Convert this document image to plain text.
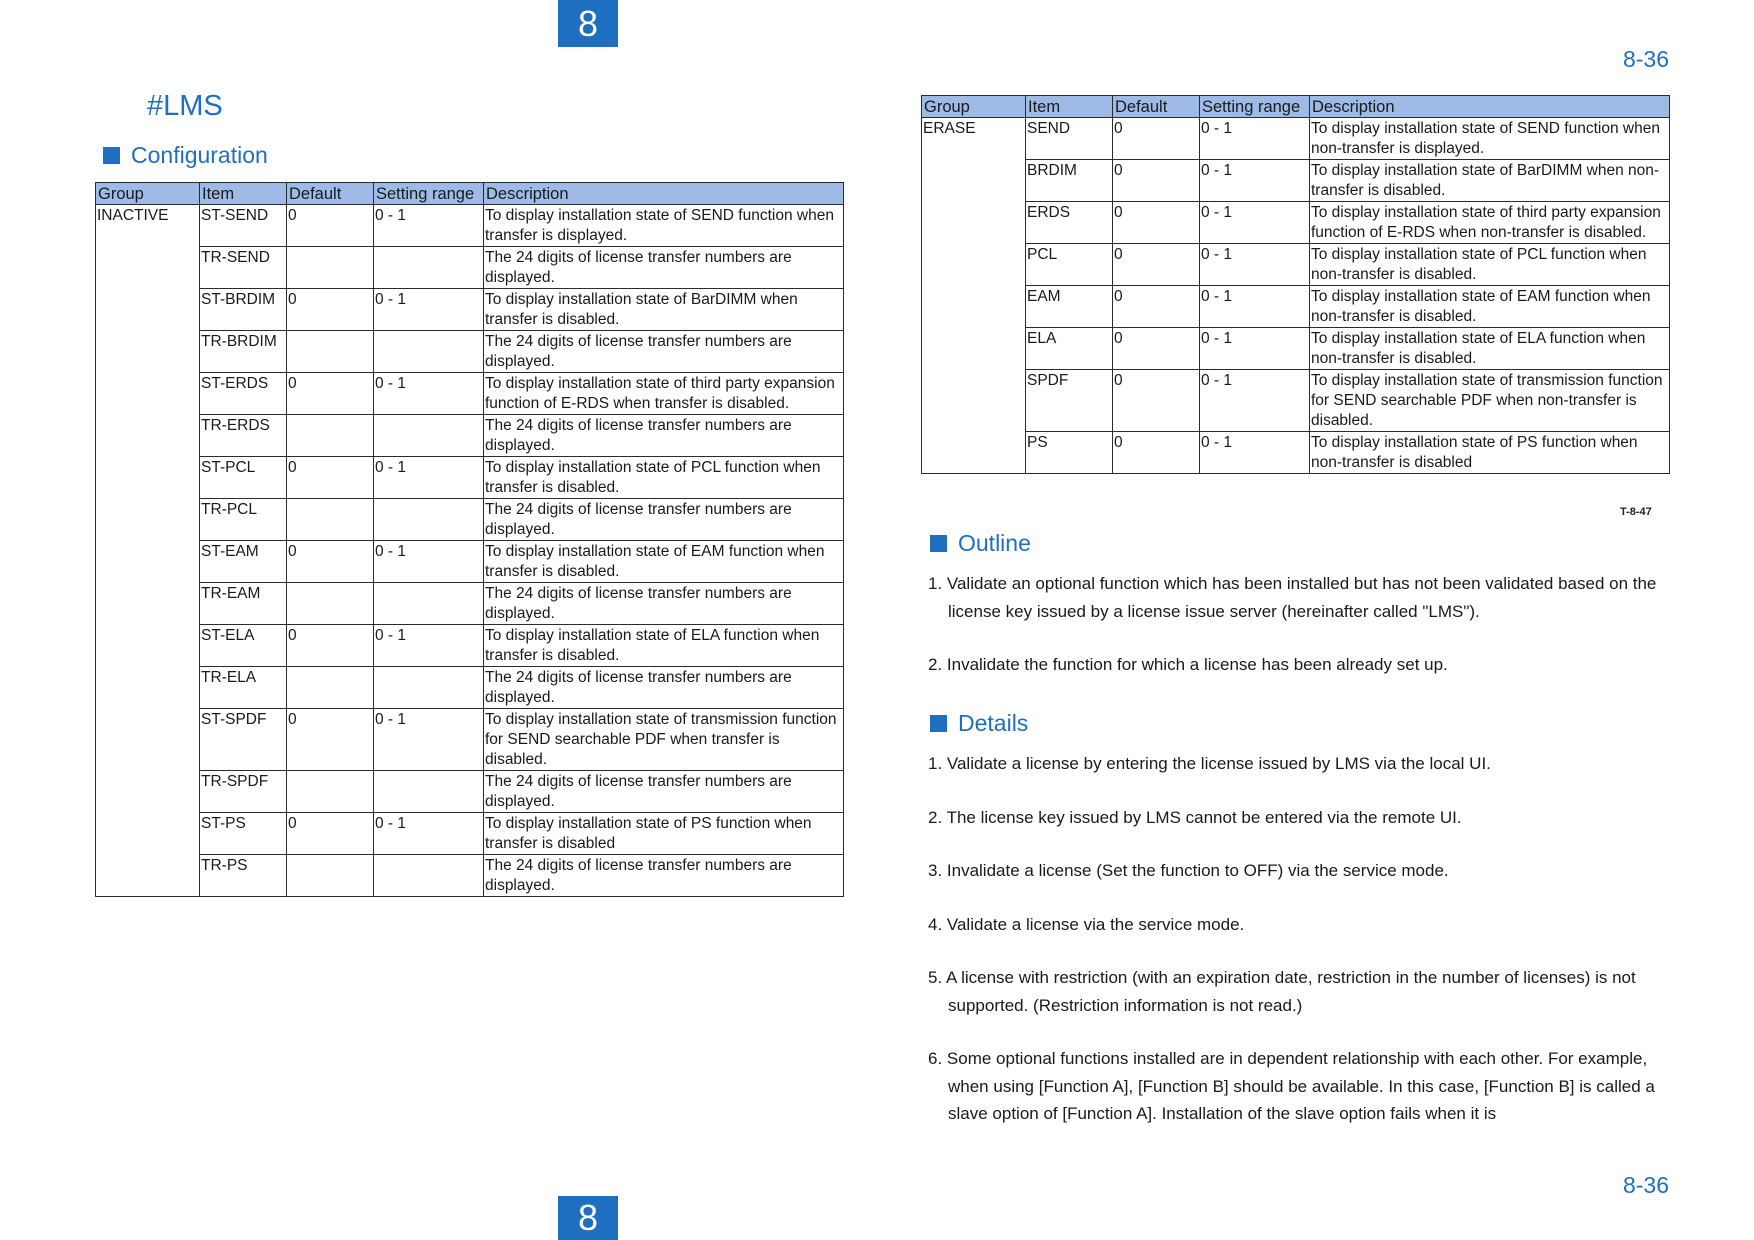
8
8-36
#LMS
Configuration
Group	Item	Default	Setting range	Description
INACTIVE	ST-SEND	0	0 - 1	To display installation state of SEND function when transfer is displayed.
	TR-SEND			The 24 digits of license transfer numbers are displayed.
	ST-BRDIM	0	0 - 1	To display installation state of BarDIMM when transfer is disabled.
	TR-BRDIM			The 24 digits of license transfer numbers are displayed.
	ST-ERDS	0	0 - 1	To display installation state of third party expansion function of E-RDS when transfer is disabled.
	TR-ERDS			The 24 digits of license transfer numbers are displayed.
	ST-PCL	0	0 - 1	To display installation state of PCL function when transfer is disabled.
	TR-PCL			The 24 digits of license transfer numbers are displayed.
	ST-EAM	0	0 - 1	To display installation state of EAM function when transfer is disabled.
	TR-EAM			The 24 digits of license transfer numbers are displayed.
	ST-ELA	0	0 - 1	To display installation state of ELA function when transfer is disabled.
	TR-ELA			The 24 digits of license transfer numbers are displayed.
	ST-SPDF	0	0 - 1	To display installation state of transmission function for SEND searchable PDF when transfer is disabled.
	TR-SPDF			The 24 digits of license transfer numbers are displayed.
	ST-PS	0	0 - 1	To display installation state of PS function when transfer is disabled
	TR-PS			The 24 digits of license transfer numbers are displayed.
Group	Item	Default	Setting range	Description
ERASE	SEND	0	0 - 1	To display installation state of SEND function when non-transfer is displayed.
	BRDIM	0	0 - 1	To display installation state of BarDIMM when non-transfer is disabled.
	ERDS	0	0 - 1	To display installation state of third party expansion function of E-RDS when non-transfer is disabled.
	PCL	0	0 - 1	To display installation state of PCL function when non-transfer is disabled.
	EAM	0	0 - 1	To display installation state of EAM function when non-transfer is disabled.
	ELA	0	0 - 1	To display installation state of ELA function when non-transfer is disabled.
	SPDF	0	0 - 1	To display installation state of transmission function for SEND searchable PDF when non-transfer is disabled.
	PS	0	0 - 1	To display installation state of PS function when non-transfer is disabled
T-8-47
Outline
1. Validate an optional function which has been installed but has not been validated based on the license key issued by a license issue server (hereinafter called "LMS").
2. Invalidate the function for which a license has been already set up.
Details
1. Validate a license by entering the license issued by LMS via the local UI.
2. The license key issued by LMS cannot be entered via the remote UI.
3. Invalidate a license (Set the function to OFF) via the service mode.
4. Validate a license via the service mode.
5. A license with restriction (with an expiration date, restriction in the number of licenses) is not supported. (Restriction information is not read.)
6. Some optional functions installed are in dependent relationship with each other. For example, when using [Function A], [Function B] should be available. In this case, [Function B] is called a slave option of [Function A]. Installation of the slave option fails when it is
8
8-36
